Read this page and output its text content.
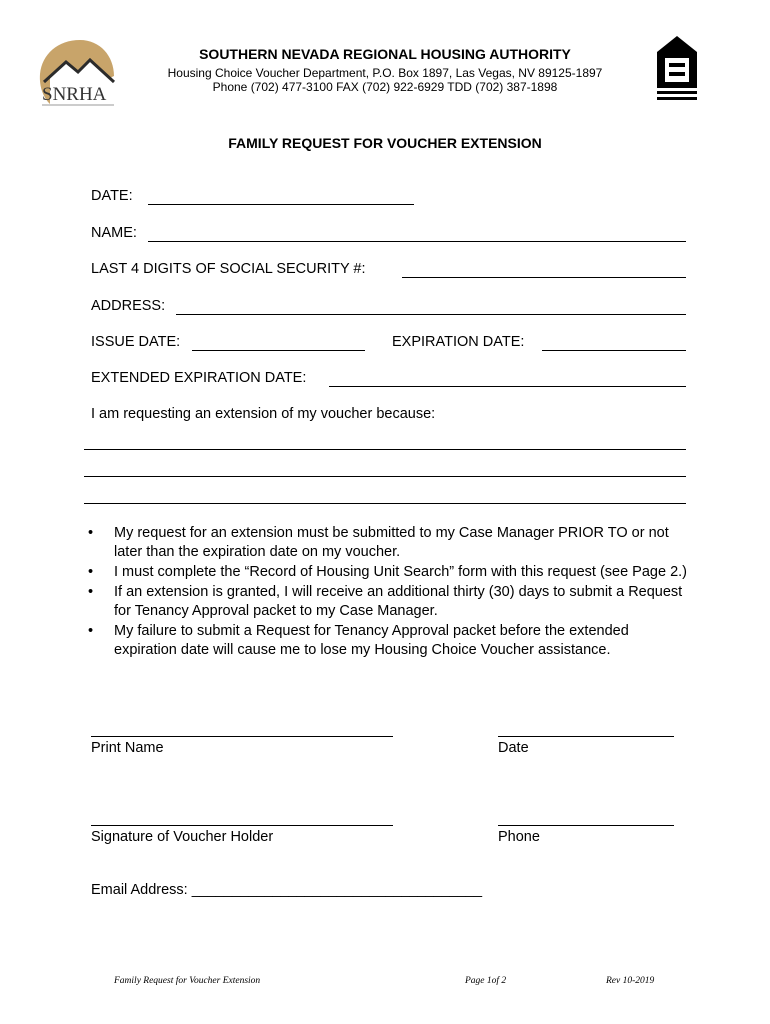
SNRHA
SOUTHERN NEVADA REGIONAL HOUSING AUTHORITY
Housing Choice Voucher Department, P.O. Box 1897, Las Vegas, NV 89125-1897
Phone (702) 477-3100 FAX (702) 922-6929 TDD (702) 387-1898
FAMILY REQUEST FOR VOUCHER EXTENSION
DATE:
NAME:
LAST 4 DIGITS OF SOCIAL SECURITY #:
ADDRESS:
ISSUE DATE:	EXPIRATION DATE:
EXTENDED EXPIRATION DATE:
I am requesting an extension of my voucher because:
• My request for an extension must be submitted to my Case Manager PRIOR TO or not later than the expiration date on my voucher.
• I must complete the “Record of Housing Unit Search” form with this request (see Page 2.)
• If an extension is granted, I will receive an additional thirty (30) days to submit a Request for Tenancy Approval packet to my Case Manager.
• My failure to submit a Request for Tenancy Approval packet before the extended expiration date will cause me to lose my Housing Choice Voucher assistance.
Print Name	Date
Signature of Voucher Holder	Phone
Email Address: ____________________________________
Family Request for Voucher Extension	Page 1of 2	Rev 10-2019
